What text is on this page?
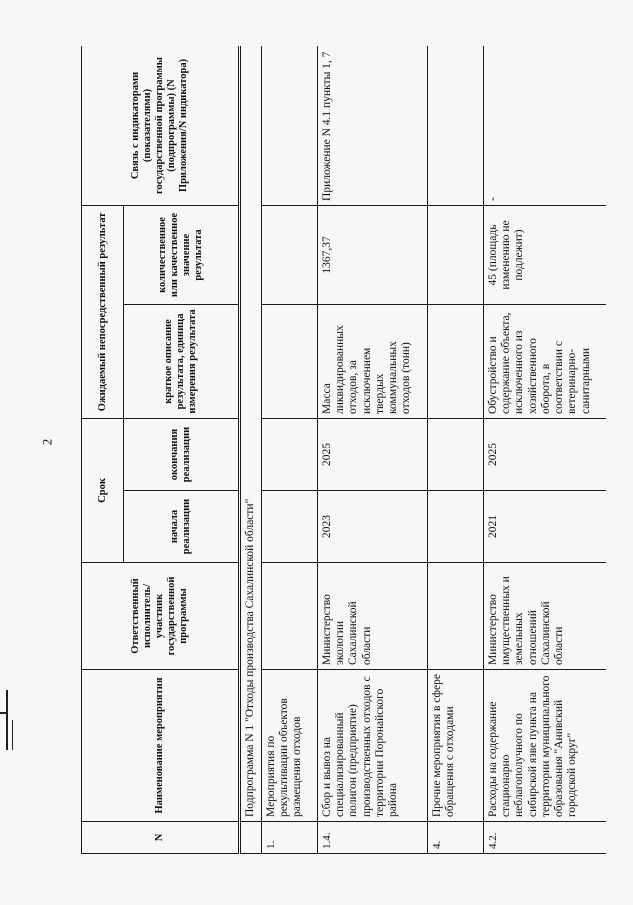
2
N	Наименование мероприятия	Ответственный исполнитель/ участник государственной программы	Срок		Ожидаемый непосредственный результат		Связь с индикаторами (показателями) государственной программы (подпрограммы) (N Приложения/N индикатора)
			начала реализации	окончания реализации	краткое описание результата, единица измерения результата	количественное или качественное значение результата	
	Подпрограмма N 1 "Отходы производства Сахалинской области"						
1.	Мероприятия по рекультивации объектов размещения отходов						
1.4.	Сбор и вывоз на специализированный полигон (предприятие) производственных отходов с территории Поронайского района	Министерство экологии Сахалинской области	2023	2025	Масса ликвидированных отходов, за исключением твердых коммунальных отходов (тонн)	1367,37	Приложение N 4.1 пункты 1, 7
4.	Прочие мероприятия в сфере обращения с отходами						
4.2.	Расходы на содержание стационарно неблагополучного по сибирской язве пункта на территории муниципального образования "Анивский городской округ"	Министерство имущественных и земельных отношений Сахалинской области	2021	2025	Обустройство и содержание объекта, исключенного из хозяйственного оборота, в соответствии с ветеринарно-санитарными	45 (площадь изменению не подлежит)	-
